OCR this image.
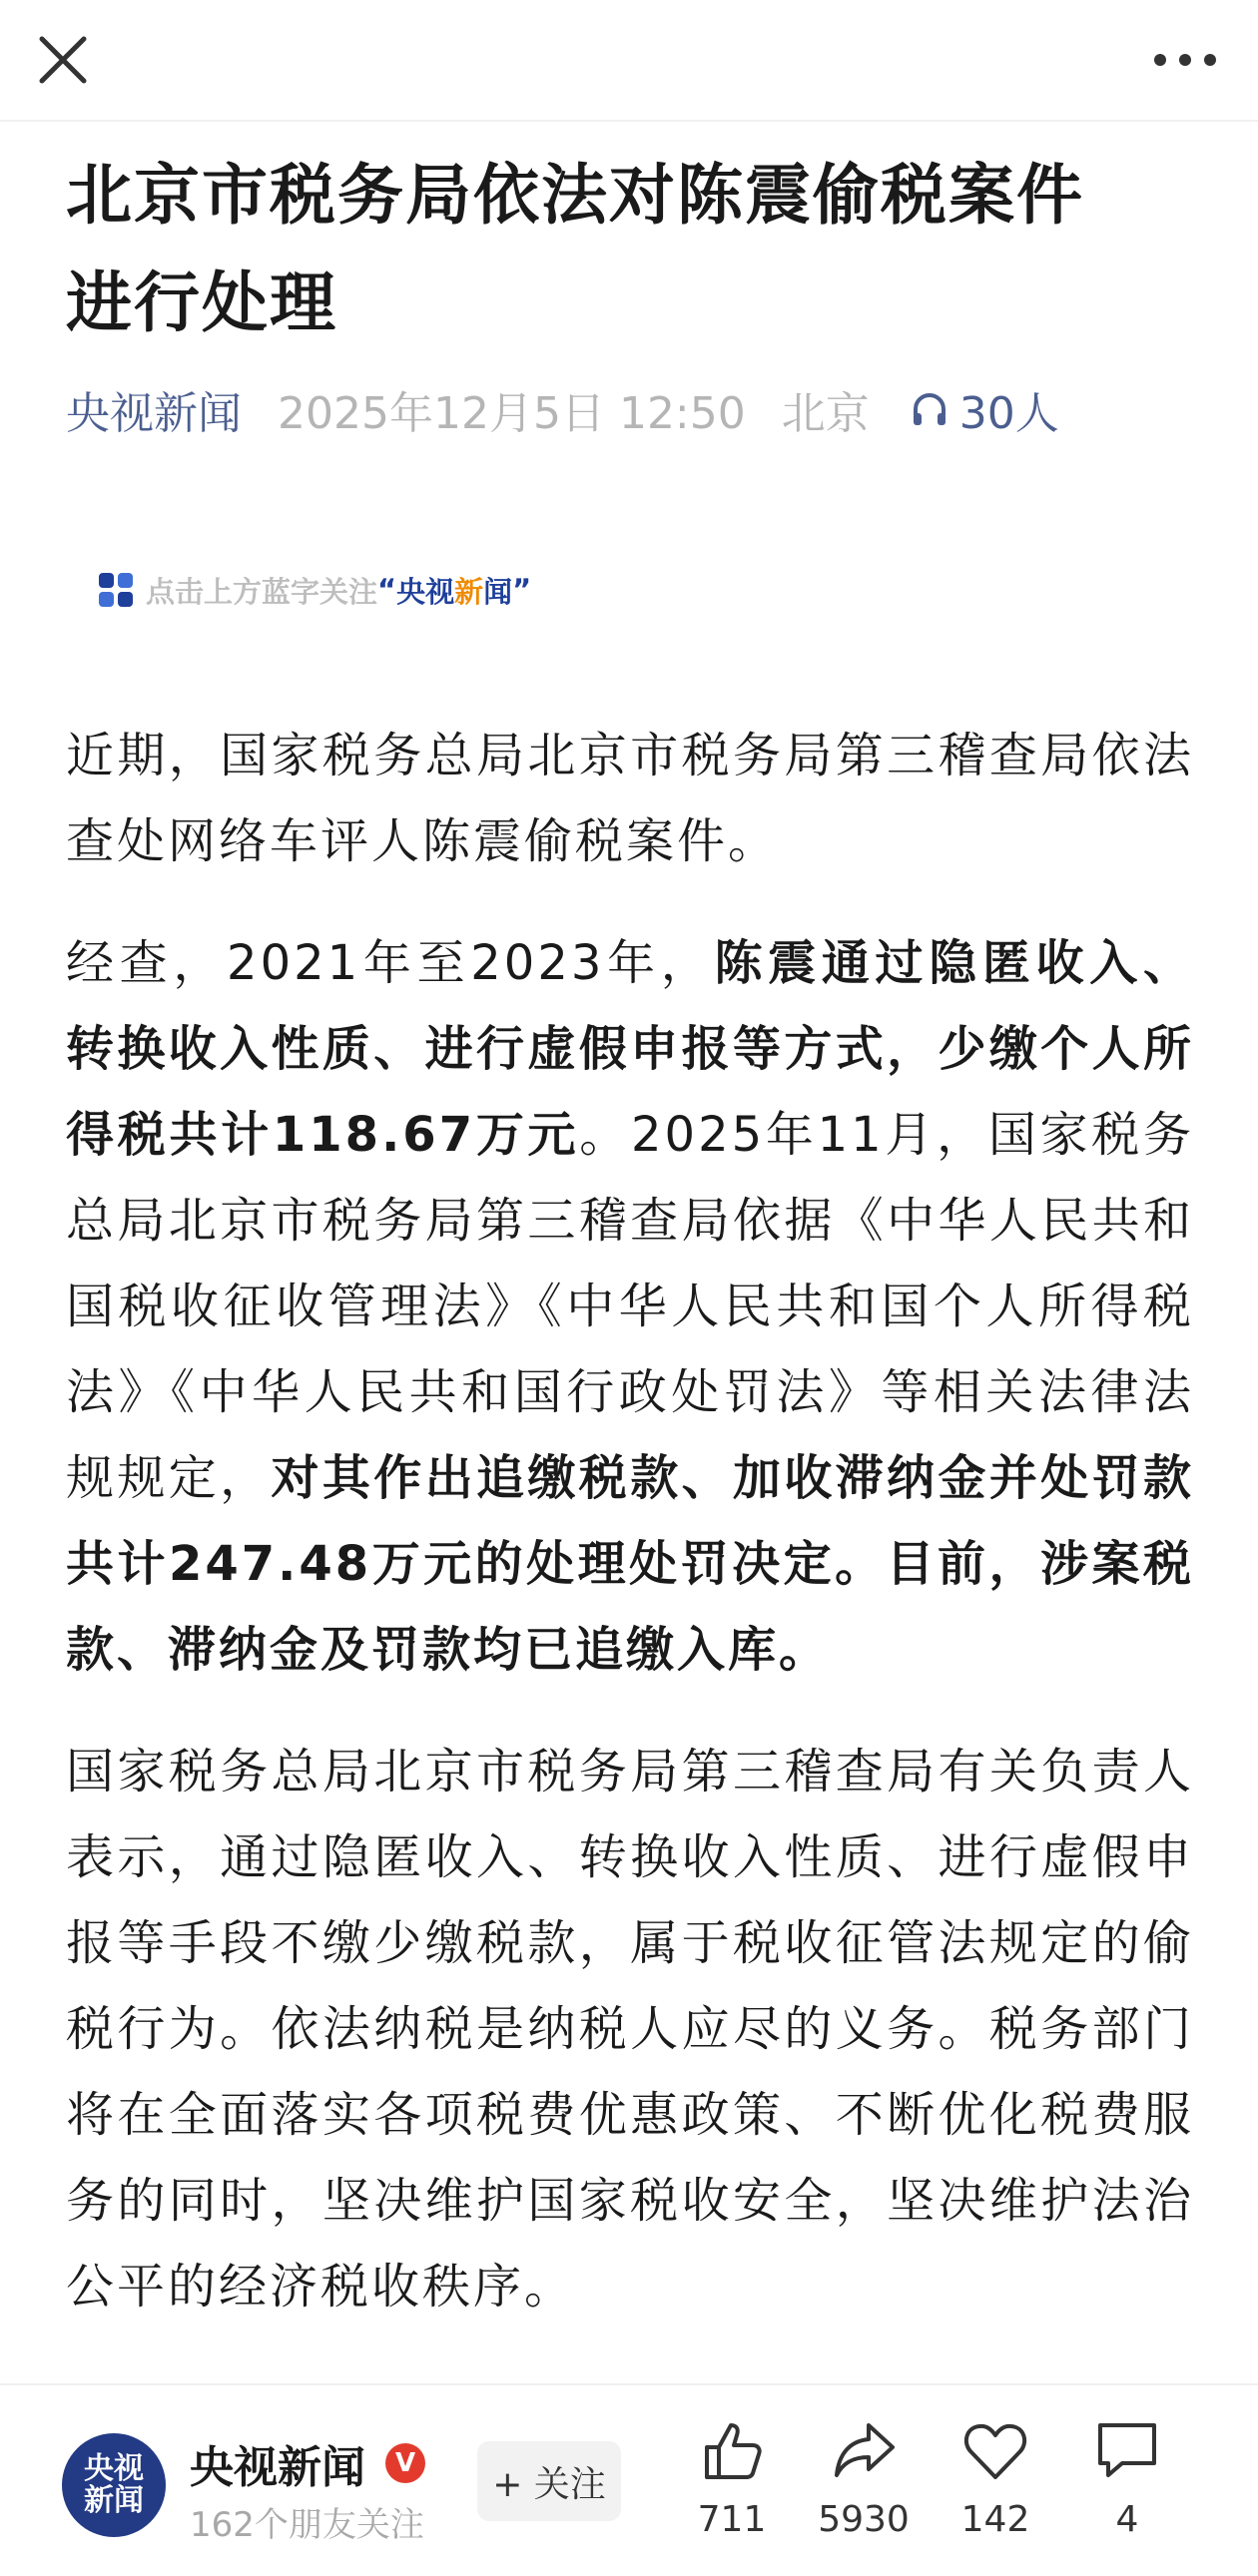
北京市税务局依法对陈震偷税案件
进行处理
央视新闻 2025年12月5日 12:50 北京 30人
点击上方蓝字关注 “ 央视 新 闻 ”

近期，国家税务总局北京市税务局第三稽查局依法查处网络车评人陈震偷税案件。

经查，2021年至2023年，陈震通过隐匿收入、转换收入性质、进行虚假申报等方式，少缴个人所得税共计118.67万元。2025年11月，国家税务总局北京市税务局第三稽查局依据《中华人民共和国税收征收管理法》《中华人民共和国个人所得税法》《中华人民共和国行政处罚法》等相关法律法规规定，对其作出追缴税款、加收滞纳金并处罚款共计247.48万元的处理处罚决定。目前，涉案税款、滞纳金及罚款均已追缴入库。

国家税务总局北京市税务局第三稽查局有关负责人表示，通过隐匿收入、转换收入性质、进行虚假申报等手段不缴少缴税款，属于税收征管法规定的偷税行为。依法纳税是纳税人应尽的义务。税务部门将在全面落实各项税费优惠政策、不断优化税费服务的同时，坚决维护国家税收安全，坚决维护法治公平的经济税收秩序。

央视
新闻
央视新闻	V
162个朋友关注
+ 关注
711 5930 142 4
